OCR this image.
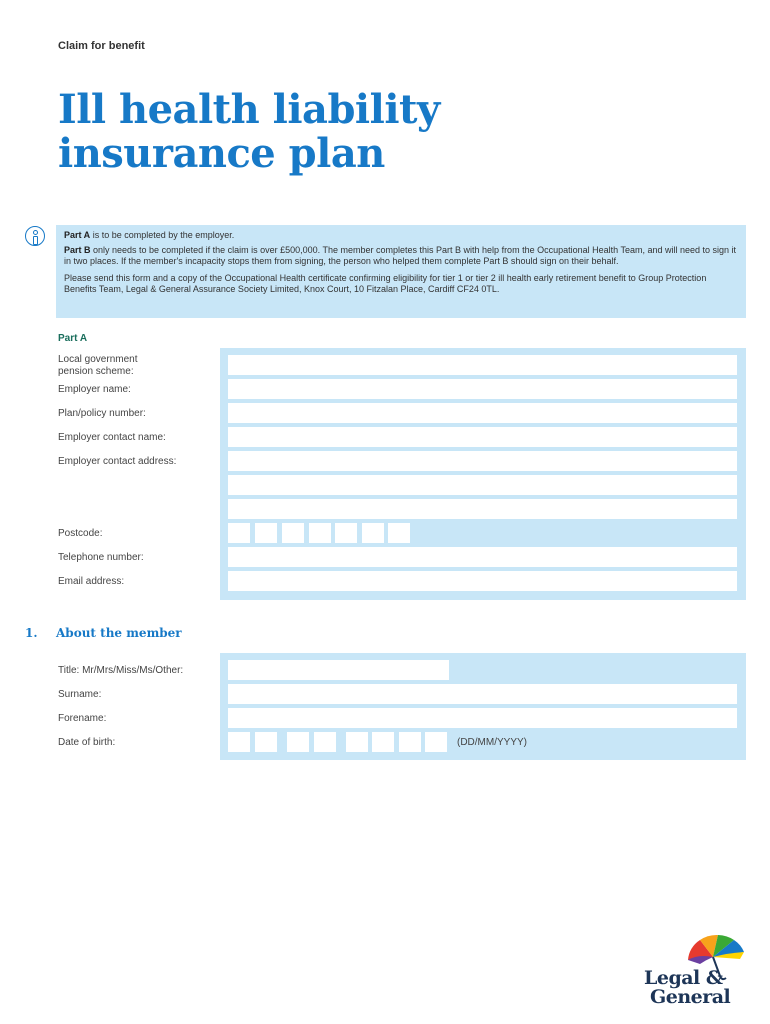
Claim for benefit
Ill health liability insurance plan

Part A is to be completed by the employer.

Part B only needs to be completed if the claim is over £500,000. The member completes this Part B with help from the Occupational Health Team, and will need to sign it in two places. If the member's incapacity stops them from signing, the person who helped them complete Part B should sign on their behalf.

Please send this form and a copy of the Occupational Health certificate confirming eligibility for tier 1 or tier 2 ill health early retirement benefit to Group Protection Benefits Team, Legal & General Assurance Society Limited, Knox Court, 10 Fitzalan Place, Cardiff CF24 0TL.

Part A
Local government pension scheme:
Employer name:
Plan/policy number:
Employer contact name:
Employer contact address:
Postcode:
Telephone number:
Email address:
1. About the member
(DD/MM/YYYY)
Title: Mr/Mrs/Miss/Ms/Other:
Surname:
Forename:
Date of birth:
Legal &
General
